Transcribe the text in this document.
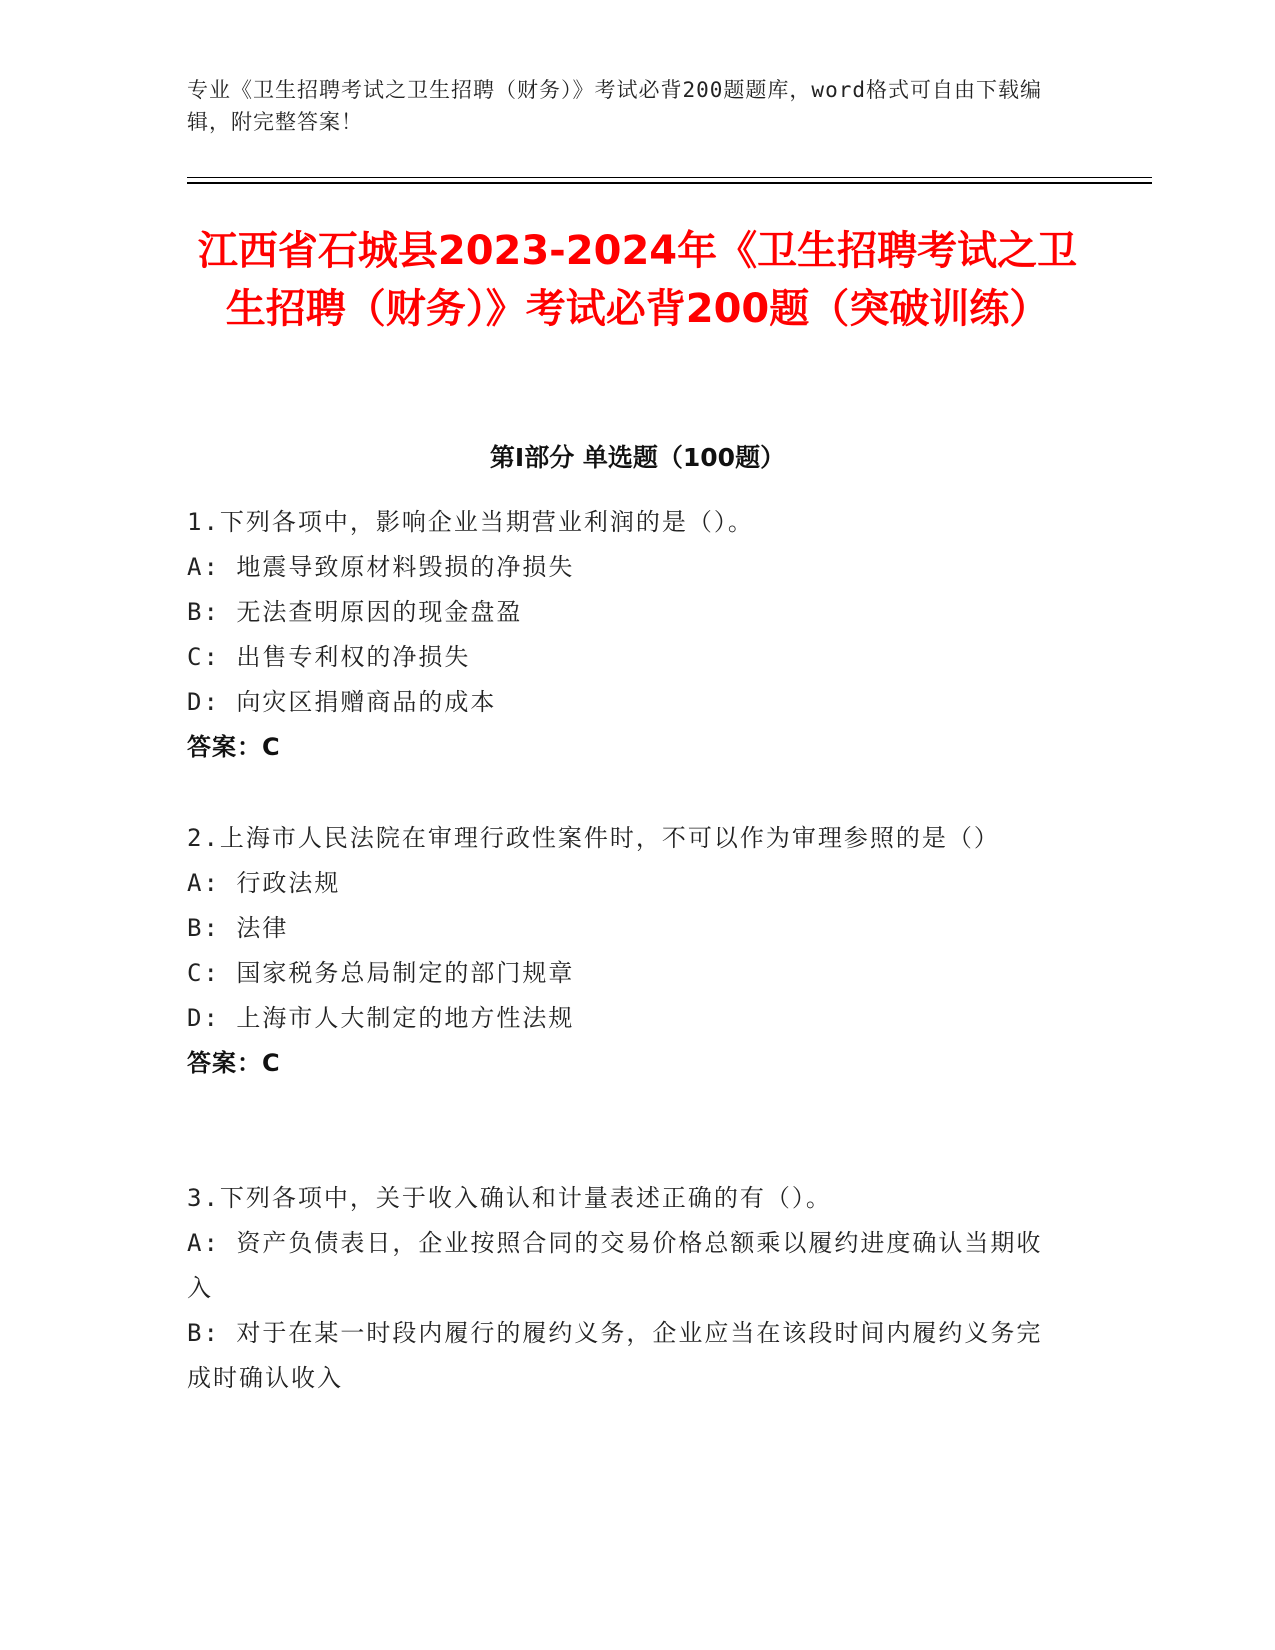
专业《卫生招聘考试之卫生招聘（财务）》考试必背200题题库，word格式可自由下载编辑，附完整答案！
江西省石城县2023-2024年《卫生招聘考试之卫生招聘（财务）》考试必背200题（突破训练）
第Ⅰ部分 单选题（100题）
1.下列各项中，影响企业当期营业利润的是（）。
A: 地震导致原材料毁损的净损失
B: 无法查明原因的现金盘盈
C: 出售专利权的净损失
D: 向灾区捐赠商品的成本
答案：C
2.上海市人民法院在审理行政性案件时，不可以作为审理参照的是（）
A: 行政法规
B: 法律
C: 国家税务总局制定的部门规章
D: 上海市人大制定的地方性法规
答案：C
3.下列各项中，关于收入确认和计量表述正确的有（）。
A: 资产负债表日，企业按照合同的交易价格总额乘以履约进度确认当期收入
B: 对于在某一时段内履行的履约义务，企业应当在该段时间内履约义务完成时确认收入
